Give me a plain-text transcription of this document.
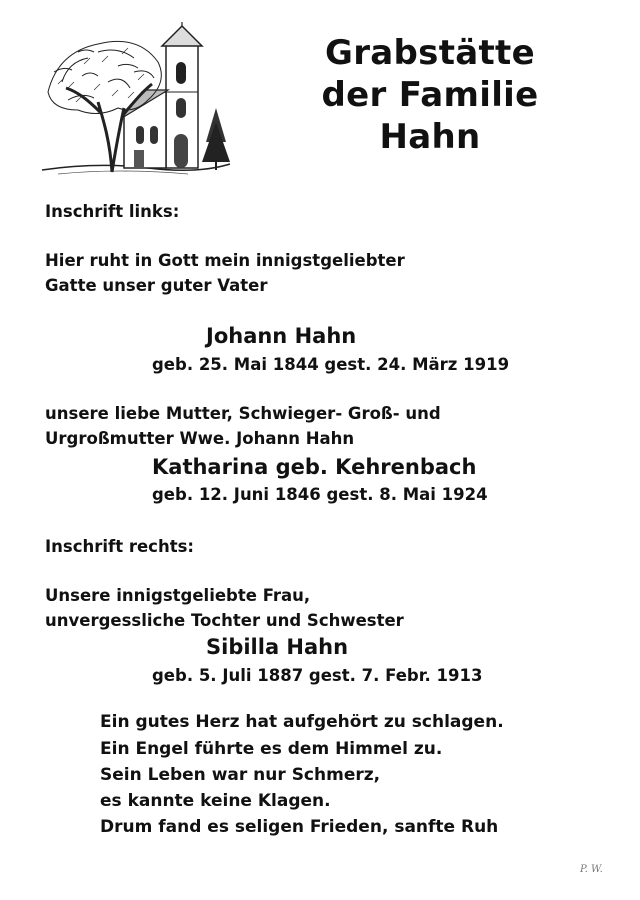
Grabstätte
der Familie
Hahn
Inschrift links:
Hier ruht in Gott mein innigstgeliebter
Gatte unser guter Vater
Johann Hahn
geb. 25. Mai 1844 gest. 24. März 1919
unsere liebe Mutter, Schwieger- Groß- und
Urgroßmutter Wwe. Johann Hahn
Katharina geb. Kehrenbach
geb. 12. Juni 1846 gest. 8. Mai 1924
Inschrift rechts:
Unsere innigstgeliebte Frau,
unvergessliche Tochter und Schwester
Sibilla Hahn
geb. 5. Juli 1887 gest. 7. Febr. 1913
Ein gutes Herz hat aufgehört zu schlagen.
Ein Engel führte es dem Himmel zu.
Sein Leben war nur Schmerz,
es kannte keine Klagen.
Drum fand es seligen Frieden, sanfte Ruh
P. W.
